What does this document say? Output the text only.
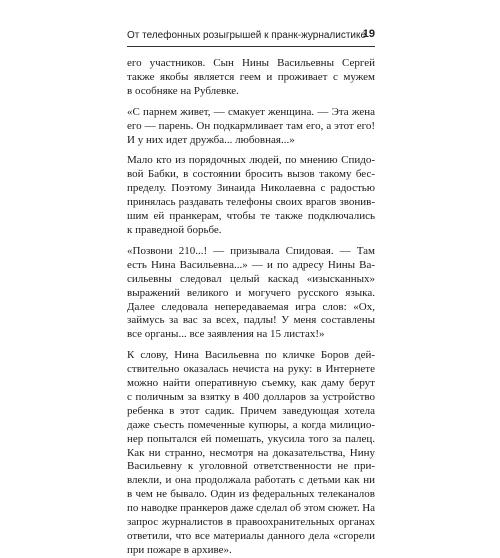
От телефонных розыгрышей к пранк-журналистике
19

его участников. Сын Нины Васильевны Сергей
также якобы является геем и проживает с мужем
в особняке на Рублевке.

«С парнем живет, — смакует женщина. — Эта жена
его — парень. Он подкармливает там его, а этот его!
И у них идет дружба... любовная...»

Мало кто из порядочных людей, по мнению Спидо-
вой Бабки, в состоянии бросить вызов такому бес-
пределу. Поэтому Зинаида Николаевна с радостью
принялась раздавать телефоны своих врагов звонив-
шим ей пранкерам, чтобы те также подключались
к праведной борьбе.

«Позвони 210...! — призывала Спидовая. — Там
есть Нина Васильевна...» — и по адресу Нины Ва-
сильевны следовал целый каскад «изысканных»
выражений великого и могучего русского языка.
Далее следовала непередаваемая игра слов: «Ох,
займусь за вас за всех, падлы! У меня составлены
все органы... все заявления на 15 листах!»

К слову, Нина Васильевна по кличке Боров дей-
ствительно оказалась нечиста на руку: в Интернете
можно найти оперативную съемку, как даму берут
с поличным за взятку в 400 долларов за устройство
ребенка в этот садик. Причем заведующая хотела
даже съесть помеченные купюры, а когда милицио-
нер попытался ей помешать, укусила того за палец.
Как ни странно, несмотря на доказательства, Нину
Васильевну к уголовной ответственности не при-
влекли, и она продолжала работать с детьми как ни
в чем не бывало. Один из федеральных телеканалов
по наводке пранкеров даже сделал об этом сюжет. На
запрос журналистов в правоохранительных органах
ответили, что все материалы данного дела «сгорели
при пожаре в архиве».
